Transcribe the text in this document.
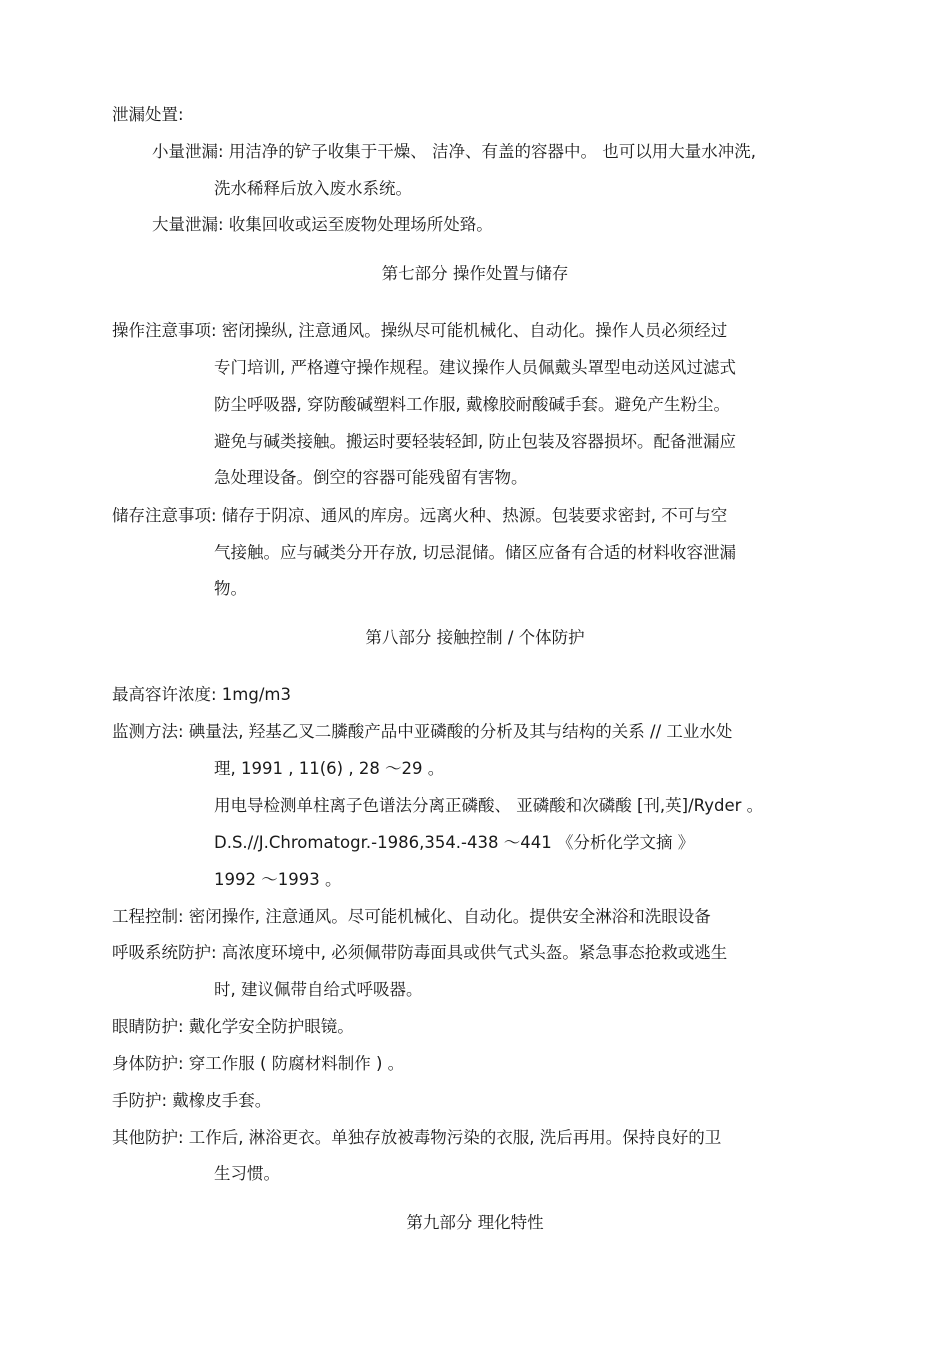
泄漏处置:
小量泄漏: 用洁净的铲子收集于干燥、 洁净、有盖的容器中。 也可以用大量水冲洗,
洗水稀释后放入废水系统。
大量泄漏: 收集回收或运至废物处理场所处臵。
第七部分 操作处置与储存
操作注意事项: 密闭操纵, 注意通风。操纵尽可能机械化、自动化。操作人员必须经过
专门培训, 严格遵守操作规程。建议操作人员佩戴头罩型电动送风过滤式
防尘呼吸器, 穿防酸碱塑料工作服, 戴橡胶耐酸碱手套。避免产生粉尘。
避免与碱类接触。搬运时要轻装轻卸, 防止包装及容器损坏。配备泄漏应
急处理设备。倒空的容器可能残留有害物。
储存注意事项: 储存于阴凉、通风的库房。远离火种、热源。包装要求密封, 不可与空
气接触。应与碱类分开存放, 切忌混储。储区应备有合适的材料收容泄漏
物。
第八部分 接触控制 / 个体防护
最高容许浓度: 1mg/m3
监测方法: 碘量法, 羟基乙叉二膦酸产品中亚磷酸的分析及其与结构的关系 // 工业水处
理, 1991 , 11(6) , 28 ～29 。
用电导检测单柱离子色谱法分离正磷酸、 亚磷酸和次磷酸 [刊,英]/Ryder 。
D.S.//J.Chromatogr.-1986,354.-438 ～441 《分析化学文摘 》
1992 ～1993 。
工程控制: 密闭操作, 注意通风。尽可能机械化、自动化。提供安全淋浴和洗眼设备
呼吸系统防护: 高浓度环境中, 必须佩带防毒面具或供气式头盔。紧急事态抢救或逃生
时, 建议佩带自给式呼吸器。
眼睛防护: 戴化学安全防护眼镜。
身体防护: 穿工作服 ( 防腐材料制作 ) 。
手防护: 戴橡皮手套。
其他防护: 工作后, 淋浴更衣。单独存放被毒物污染的衣服, 洗后再用。保持良好的卫
生习惯。
第九部分 理化特性
